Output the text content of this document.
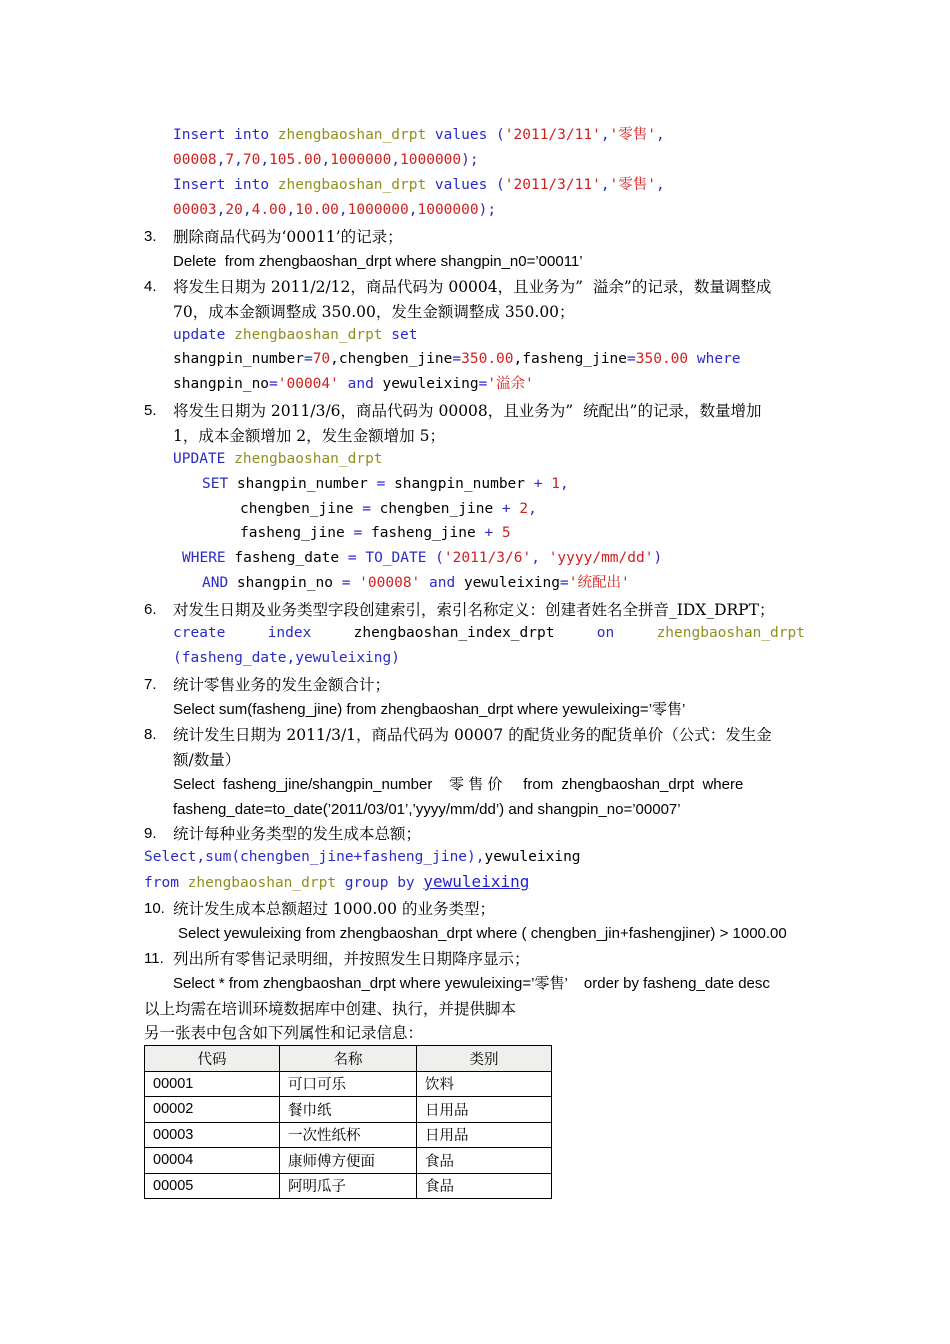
Insert into zhengbaoshan_drpt values ('2011/3/11','零售',
00008,7,70,105.00,1000000,1000000);
Insert into zhengbaoshan_drpt values ('2011/3/11','零售',
00003,20,4.00,10.00,1000000,1000000);
3. 删除商品代码为‘00011’的记录；
Delete  from zhengbaoshan_drpt where shangpin_n0=’00011’
4. 将发生日期为 2011/2/12，商品代码为 00004，且业务为”  溢余”的记录，数量调整成
70，成本金额调整成 350.00，发生金额调整成 350.00；
update zhengbaoshan_drpt set
shangpin_number=70,chengben_jine=350.00,fasheng_jine=350.00 where
shangpin_no='00004' and yewuleixing='溢余'
5. 将发生日期为 2011/3/6，商品代码为 00008，且业务为”  统配出”的记录，数量增加
1，成本金额增加 2，发生金额增加 5；
UPDATE zhengbaoshan_drpt
SET shangpin_number = shangpin_number + 1,
chengben_jine = chengben_jine + 2,
fasheng_jine = fasheng_jine + 5
WHERE fasheng_date = TO_DATE ('2011/3/6', 'yyyy/mm/dd')
AND shangpin_no = '00008' and yewuleixing='统配出'
6. 对发生日期及业务类型字段创建索引，索引名称定义：创建者姓名全拼音_IDX_DRPT；
create	index	zhengbaoshan_index_drpt	on	zhengbaoshan_drpt
(fasheng_date,yewuleixing)
7. 统计零售业务的发生金额合计；
Select sum(fasheng_jine) from zhengbaoshan_drpt where yewuleixing=’零售’
8. 统计发生日期为 2011/3/1，商品代码为 00007 的配货业务的配货单价（公式：发生金
额/数量）
Select  fasheng_jine/shangpin_number    零 售 价     from  zhengbaoshan_drpt  where
fasheng_date=to_date(’2011/03/01’,’yyyy/mm/dd’) and shangpin_no=’00007’
9. 统计每种业务类型的发生成本总额；
Select,sum(chengben_jine+fasheng_jine),yewuleixing
from zhengbaoshan_drpt group by yewuleixing
10. 统计发生成本总额超过 1000.00 的业务类型；
Select yewuleixing from zhengbaoshan_drpt where ( chengben_jin+fashengjiner) > 1000.00
11. 列出所有零售记录明细，并按照发生日期降序显示；
Select * from zhengbaoshan_drpt where yewuleixing=’零售’    order by fasheng_date desc
以上均需在培训环境数据库中创建、执行，并提供脚本
另一张表中包含如下列属性和记录信息：
代码	名称	类别
00001	可口可乐	饮料
00002	餐巾纸	日用品
00003	一次性纸杯	日用品
00004	康师傅方便面	食品
00005	阿明瓜子	食品
